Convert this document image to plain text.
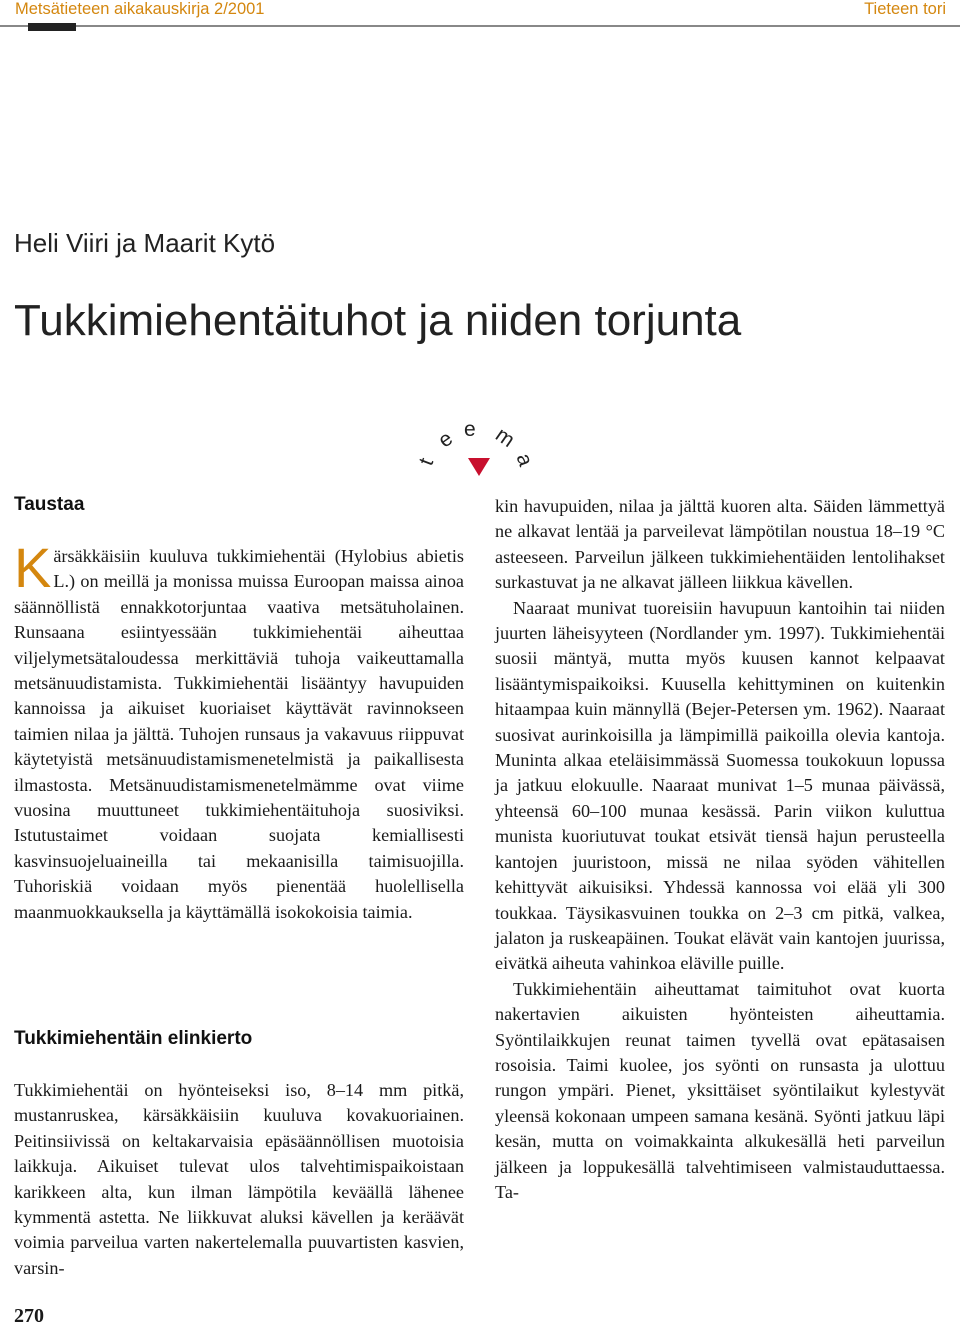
Metsätieteen aikakauskirja 2/2001	Tieteen tori
Heli Viiri ja Maarit Kytö
Tukkimiehentäituhot ja niiden torjunta
t
e e m
a
Taustaa

Kärsäkkäisiin kuuluva tukkimiehentäi (Hylobius abietis L.) on meillä ja monissa muissa Euroopan maissa ainoa säännöllistä ennakkotorjuntaa vaativa metsätuholainen. Runsaana esiintyessään tukkimiehentäi aiheuttaa viljelymetsätaloudessa merkittäviä tuhoja vaikeuttamalla metsänuudistamista. Tukkimiehentäi lisääntyy havupuiden kannoissa ja aikuiset kuoriaiset käyttävät ravinnokseen taimien nilaa ja jälttä. Tuhojen runsaus ja vakavuus riippuvat käytetyistä metsänuudistamismenetelmistä ja paikallisesta ilmastosta. Metsänuudistamismenetelmämme ovat viime vuosina muuttuneet tukkimiehentäituhoja suosiviksi. Istutustaimet voidaan suojata kemiallisesti kasvinsuojeluaineilla tai mekaanisilla taimisuojilla. Tuhoriskiä voidaan myös pienentää huolellisella maanmuokkauksella ja käyttämällä isokokoisia taimia.

Tukkimiehentäin elinkierto

Tukkimiehentäi on hyönteiseksi iso, 8–14 mm pitkä, mustanruskea, kärsäkkäisiin kuuluva kovakuoriainen. Peitinsiivissä on keltakarvaisia epäsäännöllisen muotoisia laikkuja. Aikuiset tulevat ulos talvehtimispaikoistaan karikkeen alta, kun ilman lämpötila keväällä lähenee kymmentä astetta. Ne liikkuvat aluksi kävellen ja keräävät voimia parveilua varten nakertelemalla puuvartisten kasvien, varsin-

kin havupuiden, nilaa ja jälttä kuoren alta. Säiden lämmettyä ne alkavat lentää ja parveilevat lämpötilan noustua 18–19 °C asteeseen. Parveilun jälkeen tukkimiehentäiden lentolihakset surkastuvat ja ne alkavat jälleen liikkua kävellen.

Naaraat munivat tuoreisiin havupuun kantoihin tai niiden juurten läheisyyteen (Nordlander ym. 1997). Tukkimiehentäi suosii mäntyä, mutta myös kuusen kannot kelpaavat lisääntymispaikoiksi. Kuusella kehittyminen on kuitenkin hitaampaa kuin männyllä (Bejer-Petersen ym. 1962). Naaraat suosivat aurinkoisilla ja lämpimillä paikoilla olevia kantoja. Muninta alkaa eteläisimmässä Suomessa toukokuun lopussa ja jatkuu elokuulle. Naaraat munivat 1–5 munaa päivässä, yhteensä 60–100 munaa kesässä. Parin viikon kuluttua munista kuoriutuvat toukat etsivät tiensä hajun perusteella kantojen juuristoon, missä ne nilaa syöden vähitellen kehittyvät aikuisiksi. Yhdessä kannossa voi elää yli 300 toukkaa. Täysikasvuinen toukka on 2–3 cm pitkä, valkea, jalaton ja ruskeapäinen. Toukat elävät vain kantojen juurissa, eivätkä aiheuta vahinkoa eläville puille.

Tukkimiehentäin aiheuttamat taimituhot ovat kuorta nakertavien aikuisten hyönteisten aiheuttamia. Syöntilaikkujen reunat taimen tyvellä ovat epätasaisen rosoisia. Taimi kuolee, jos syönti on runsasta ja ulottuu rungon ympäri. Pienet, yksittäiset syöntilaikut kylestyvät yleensä kokonaan umpeen samana kesänä. Syönti jatkuu läpi kesän, mutta on voimakkainta alkukesällä heti parveilun jälkeen ja loppukesällä talvehtimiseen valmistauduttaessa. Ta-

270
